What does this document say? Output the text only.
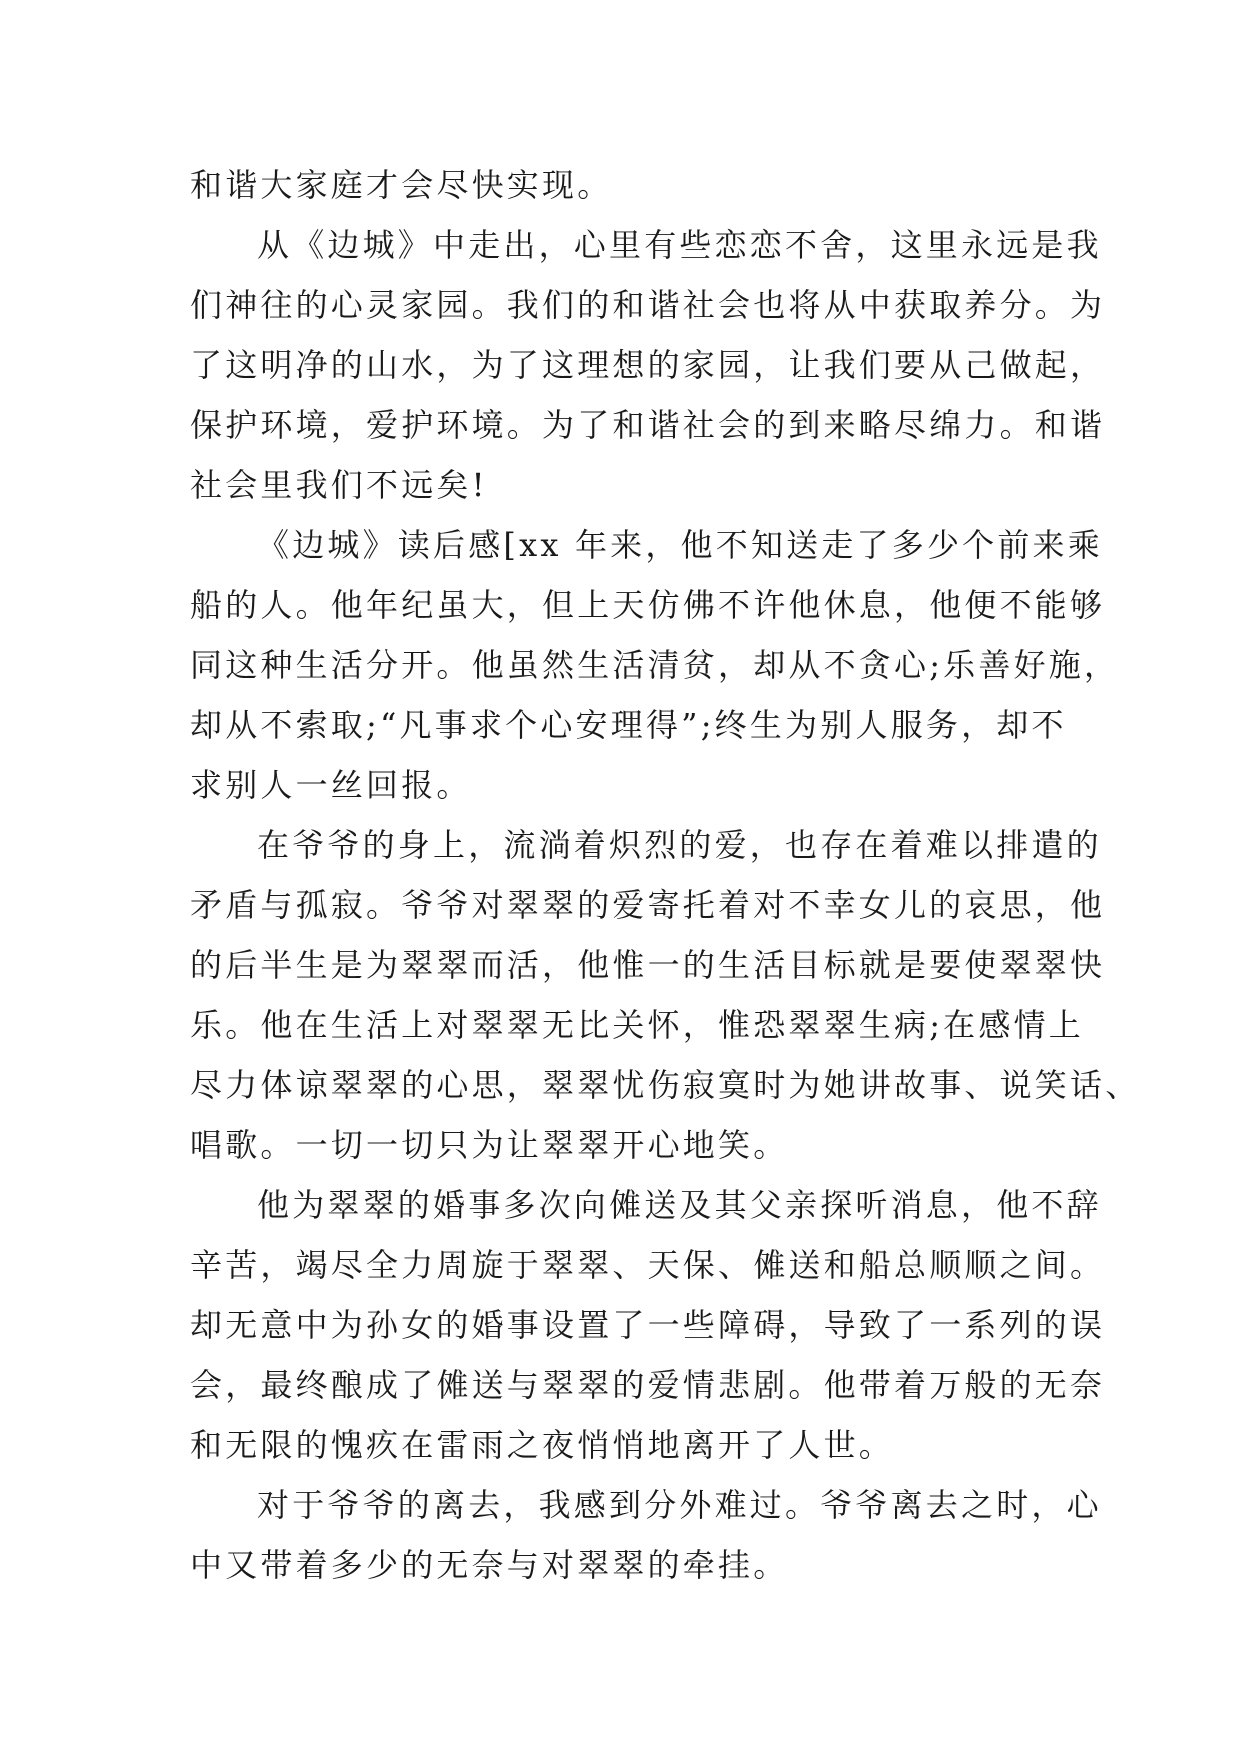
和谐大家庭才会尽快实现。
从《边城》中走出，心里有些恋恋不舍，这里永远是我
们神往的心灵家园。我们的和谐社会也将从中获取养分。为
了这明净的山水，为了这理想的家园，让我们要从己做起，
保护环境，爱护环境。为了和谐社会的到来略尽绵力。和谐
社会里我们不远矣!
《边城》读后感[xx 年来，他不知送走了多少个前来乘
船的人。他年纪虽大，但上天仿佛不许他休息，他便不能够
同这种生活分开。他虽然生活清贫，却从不贪心;乐善好施，
却从不索取;“凡事求个心安理得”;终生为别人服务，却不
求别人一丝回报。
在爷爷的身上，流淌着炽烈的爱，也存在着难以排遣的
矛盾与孤寂。爷爷对翠翠的爱寄托着对不幸女儿的哀思，他
的后半生是为翠翠而活，他惟一的生活目标就是要使翠翠快
乐。他在生活上对翠翠无比关怀，惟恐翠翠生病;在感情上
尽力体谅翠翠的心思，翠翠忧伤寂寞时为她讲故事、说笑话、
唱歌。一切一切只为让翠翠开心地笑。
他为翠翠的婚事多次向傩送及其父亲探听消息，他不辞
辛苦，竭尽全力周旋于翠翠、天保、傩送和船总顺顺之间。
却无意中为孙女的婚事设置了一些障碍，导致了一系列的误
会，最终酿成了傩送与翠翠的爱情悲剧。他带着万般的无奈
和无限的愧疚在雷雨之夜悄悄地离开了人世。
对于爷爷的离去，我感到分外难过。爷爷离去之时，心
中又带着多少的无奈与对翠翠的牵挂。
